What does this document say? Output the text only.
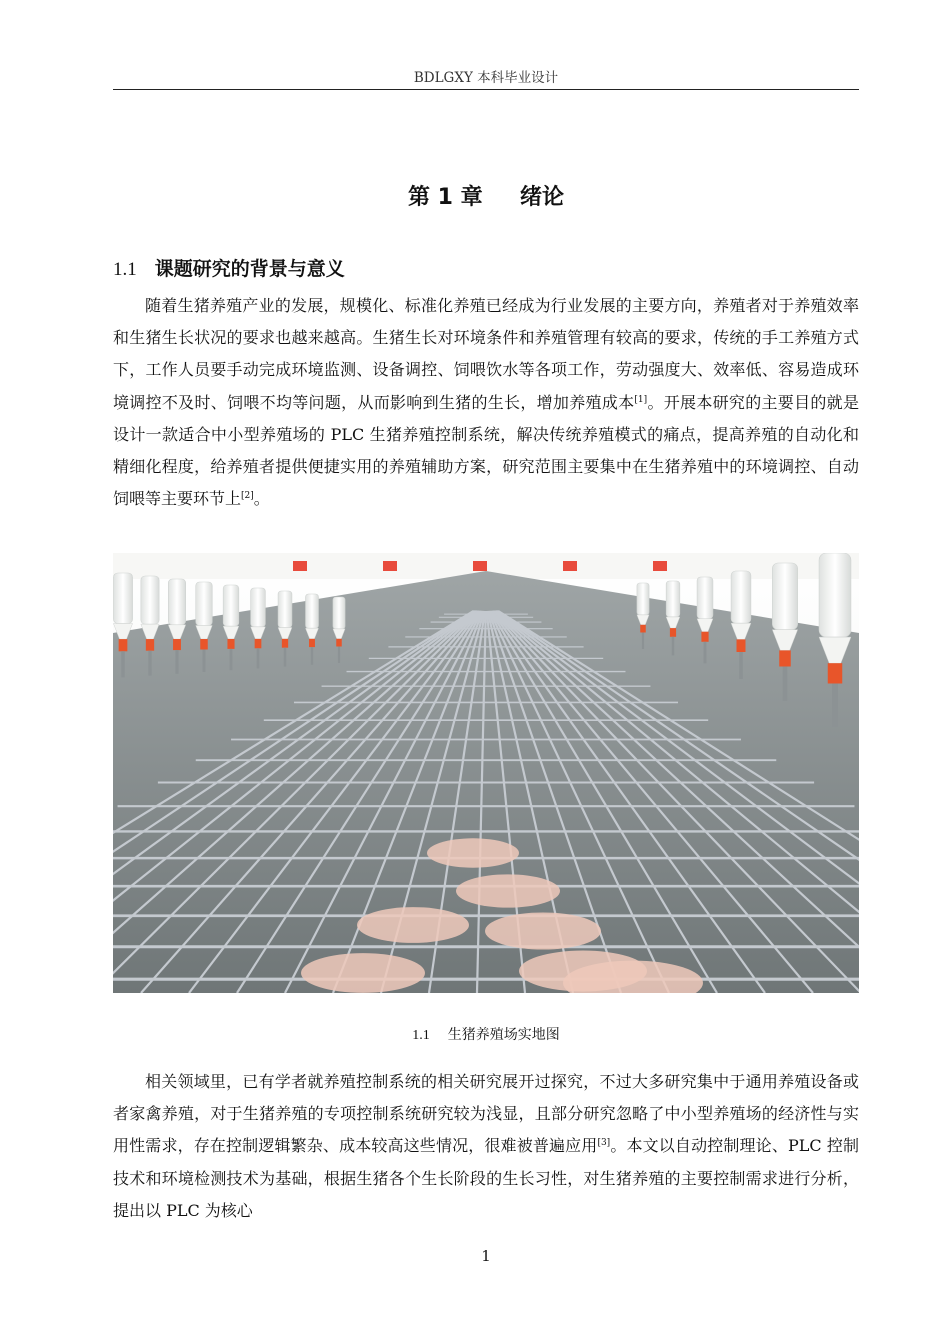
BDLGXY 本科毕业设计
第 1 章 　 绪论
1.1 课题研究的背景与意义

随着生猪养殖产业的发展，规模化、标准化养殖已经成为行业发展的主要方向，养殖者对于养殖效率和生猪生长状况的要求也越来越高。生猪生长对环境条件和养殖管理有较高的要求，传统的手工养殖方式下，工作人员要手动完成环境监测、设备调控、饲喂饮水等各项工作，劳动强度大、效率低、容易造成环境调控不及时、饲喂不均等问题，从而影响到生猪的生长，增加养殖成本[1]。开展本研究的主要目的就是设计一款适合中小型养殖场的 PLC 生猪养殖控制系统，解决传统养殖模式的痛点，提高养殖的自动化和精细化程度，给养殖者提供便捷实用的养殖辅助方案，研究范围主要集中在生猪养殖中的环境调控、自动饲喂等主要环节上[2]。

1.1 生猪养殖场实地图

相关领域里，已有学者就养殖控制系统的相关研究展开过探究，不过大多研究集中于通用养殖设备或者家禽养殖，对于生猪养殖的专项控制系统研究较为浅显，且部分研究忽略了中小型养殖场的经济性与实用性需求，存在控制逻辑繁杂、成本较高这些情况，很难被普遍应用[3]。本文以自动控制理论、PLC 控制技术和环境检测技术为基础，根据生猪各个生长阶段的生长习性，对生猪养殖的主要控制需求进行分析，提出以 PLC 为核心

1
